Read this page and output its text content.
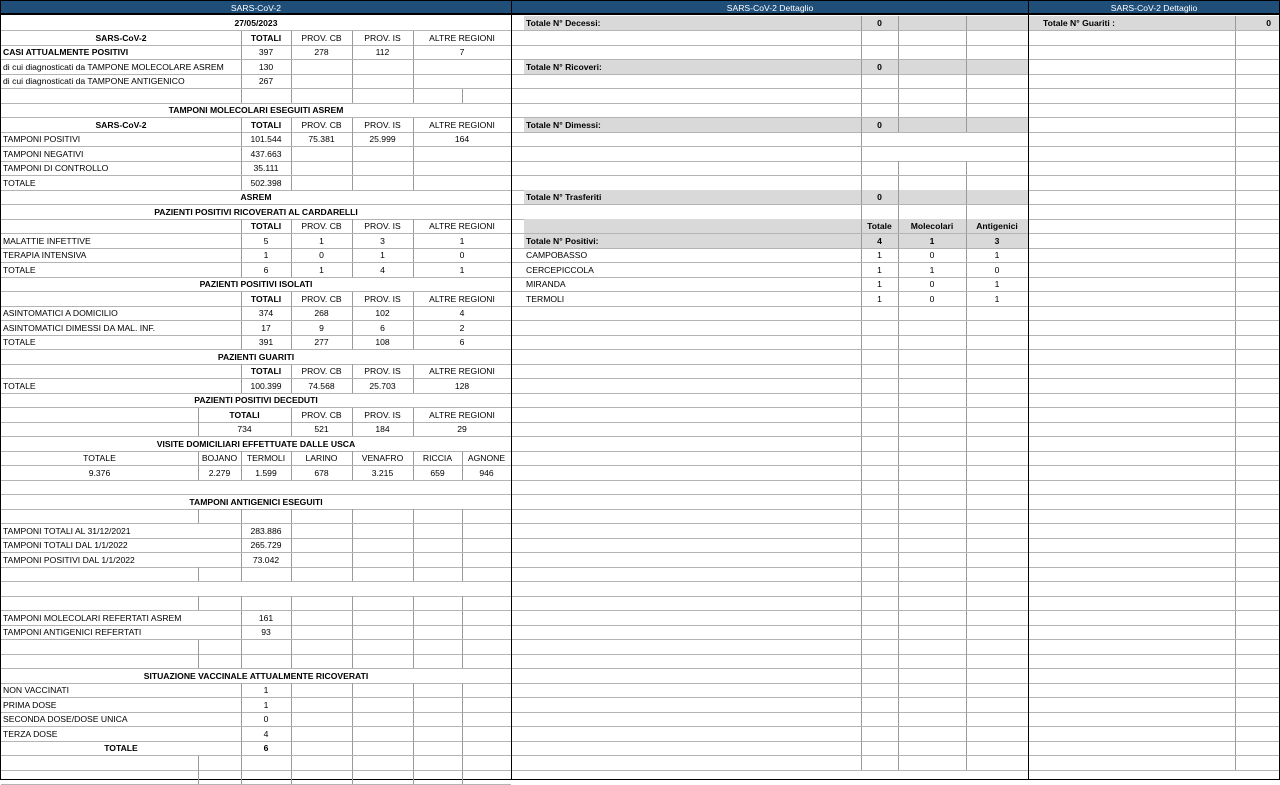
SARS-CoV-2
27/05/2023
SARS-CoV-2	TOTALI	PROV. CB	PROV. IS	ALTRE REGIONI
CASI ATTUALMENTE POSITIVI	397	278	112	7
di cui diagnosticati da TAMPONE MOLECOLARE ASREM	130
di cui diagnosticati da TAMPONE ANTIGENICO	267
TAMPONI MOLECOLARI ESEGUITI ASREM
SARS-CoV-2	TOTALI	PROV. CB	PROV. IS	ALTRE REGIONI
TAMPONI POSITIVI	101.544	75.381	25.999	164
TAMPONI NEGATIVI	437.663
TAMPONI DI CONTROLLO	35.111
TOTALE	502.398
ASREM
PAZIENTI POSITIVI RICOVERATI AL CARDARELLI
TOTALI	PROV. CB	PROV. IS	ALTRE REGIONI
MALATTIE INFETTIVE	5	1	3	1
TERAPIA INTENSIVA	1	0	1	0
TOTALE	6	1	4	1
PAZIENTI POSITIVI ISOLATI
TOTALI	PROV. CB	PROV. IS	ALTRE REGIONI
ASINTOMATICI A DOMICILIO	374	268	102	4
ASINTOMATICI DIMESSI DA MAL. INF.	17	9	6	2
TOTALE	391	277	108	6
PAZIENTI GUARITI
TOTALI	PROV. CB	PROV. IS	ALTRE REGIONI
TOTALE	100.399	74.568	25.703	128
PAZIENTI POSITIVI DECEDUTI
TOTALI	PROV. CB	PROV. IS	ALTRE REGIONI
734	521	184	29
VISITE DOMICILIARI EFFETTUATE DALLE USCA
TOTALE	BOJANO	TERMOLI	LARINO	VENAFRO	RICCIA	AGNONE
9.376	2.279	1.599	678	3.215	659	946
TAMPONI ANTIGENICI ESEGUITI
TAMPONI TOTALI AL 31/12/2021	283.886
TAMPONI TOTALI DAL 1/1/2022	265.729
TAMPONI POSITIVI DAL 1/1/2022	73.042
TAMPONI MOLECOLARI REFERTATI ASREM	161
TAMPONI ANTIGENICI REFERTATI	93
SITUAZIONE VACCINALE ATTUALMENTE RICOVERATI
NON VACCINATI	1
PRIMA DOSE	1
SECONDA DOSE/DOSE UNICA	0
TERZA DOSE	4
TOTALE	6
SARS-CoV-2 Dettaglio
Totale N° Decessi:	0
Totale N° Ricoveri:	0
Totale N° Dimessi:	0
Totale N° Trasferiti	0
Totale	Molecolari	Antigenici
Totale N° Positivi:	4	1	3
CAMPOBASSO	1	0	1
CERCEPICCOLA	1	1	0
MIRANDA	1	0	1
TERMOLI	1	0	1
SARS-CoV-2 Dettaglio
Totale N° Guariti :	0
